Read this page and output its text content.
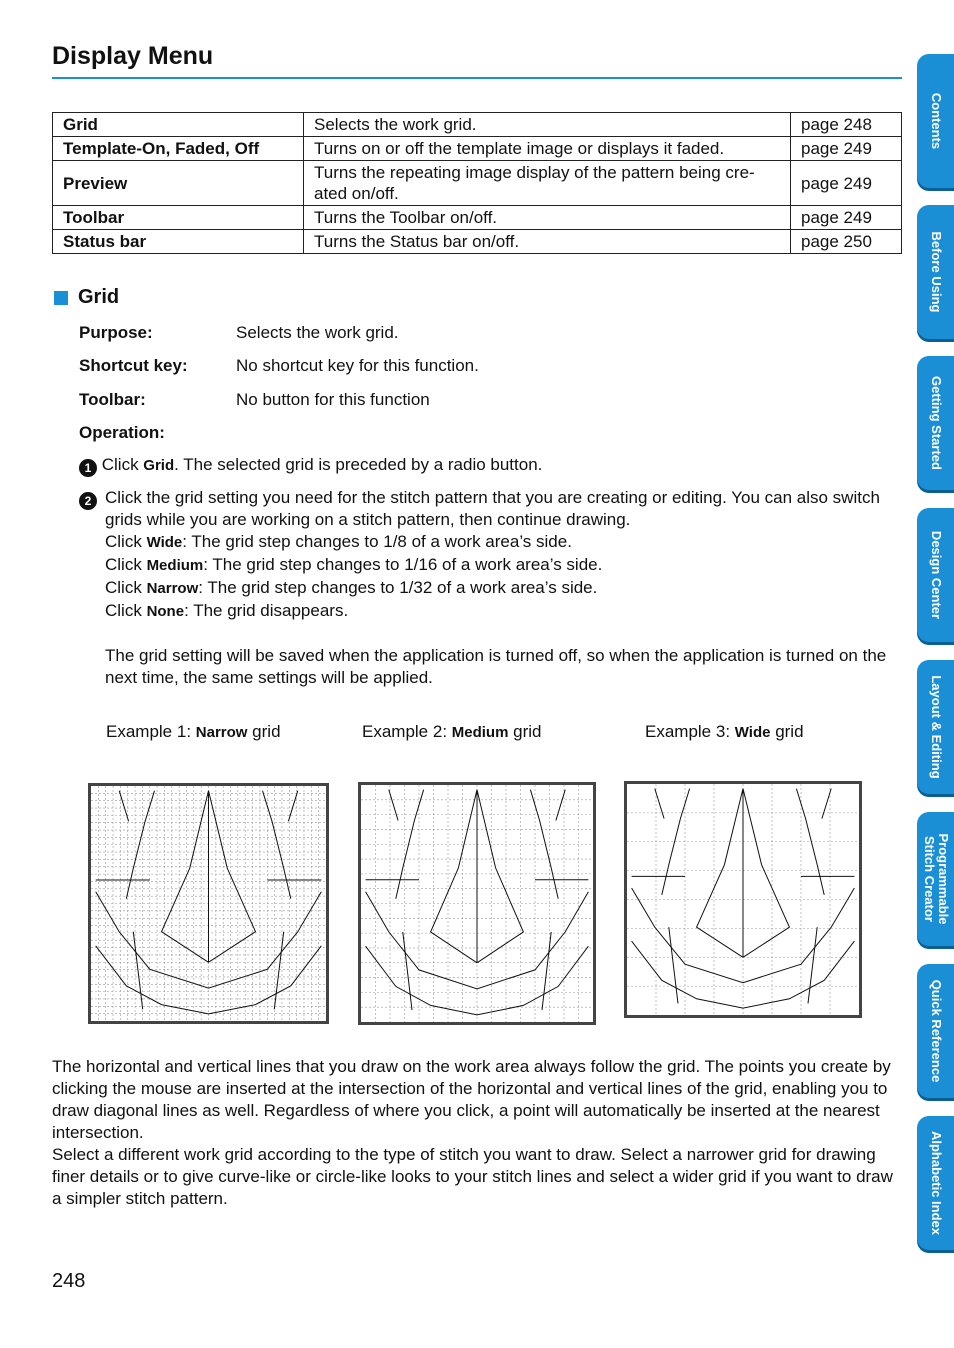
Display Menu
Grid	Selects the work grid.	page 248
Template-On, Faded, Off	Turns on or off the template image or displays it faded.	page 249
Preview	Turns the repeating image display of the pattern being cre-ated on/off.	page 249
Toolbar	Turns the Toolbar on/off.	page 249
Status bar	Turns the Status bar on/off.	page 250
Grid
Purpose:	Selects the work grid.
Shortcut key:	No shortcut key for this function.
Toolbar:	No button for this function
Operation:
1 Click Grid. The selected grid is preceded by a radio button.
2 Click the grid setting you need for the stitch pattern that you are creating or editing. You can also switch grids while you are working on a stitch pattern, then continue drawing.
Click Wide: The grid step changes to 1/8 of a work area’s side.
Click Medium: The grid step changes to 1/16 of a work area’s side.
Click Narrow: The grid step changes to 1/32 of a work area’s side.
Click None: The grid disappears.
The grid setting will be saved when the application is turned off, so when the application is turned on the next time, the same settings will be applied.
Example 1: Narrow grid	Example 2: Medium grid	Example 3: Wide grid
The horizontal and vertical lines that you draw on the work area always follow the grid. The points you create by clicking the mouse are inserted at the intersection of the horizontal and vertical lines of the grid, enabling you to draw diagonal lines as well. Regardless of where you click, a point will automatically be inserted at the nearest intersection.
Select a different work grid according to the type of stitch you want to draw. Select a narrower grid for drawing finer details or to give curve-like or circle-like looks to your stitch lines and select a wider grid if you want to draw a simpler stitch pattern.
248
Contents
Before Using
Getting Started
Design Center
Layout & Editing
Programmable Stitch Creator
Quick Reference
Alphabetic Index
